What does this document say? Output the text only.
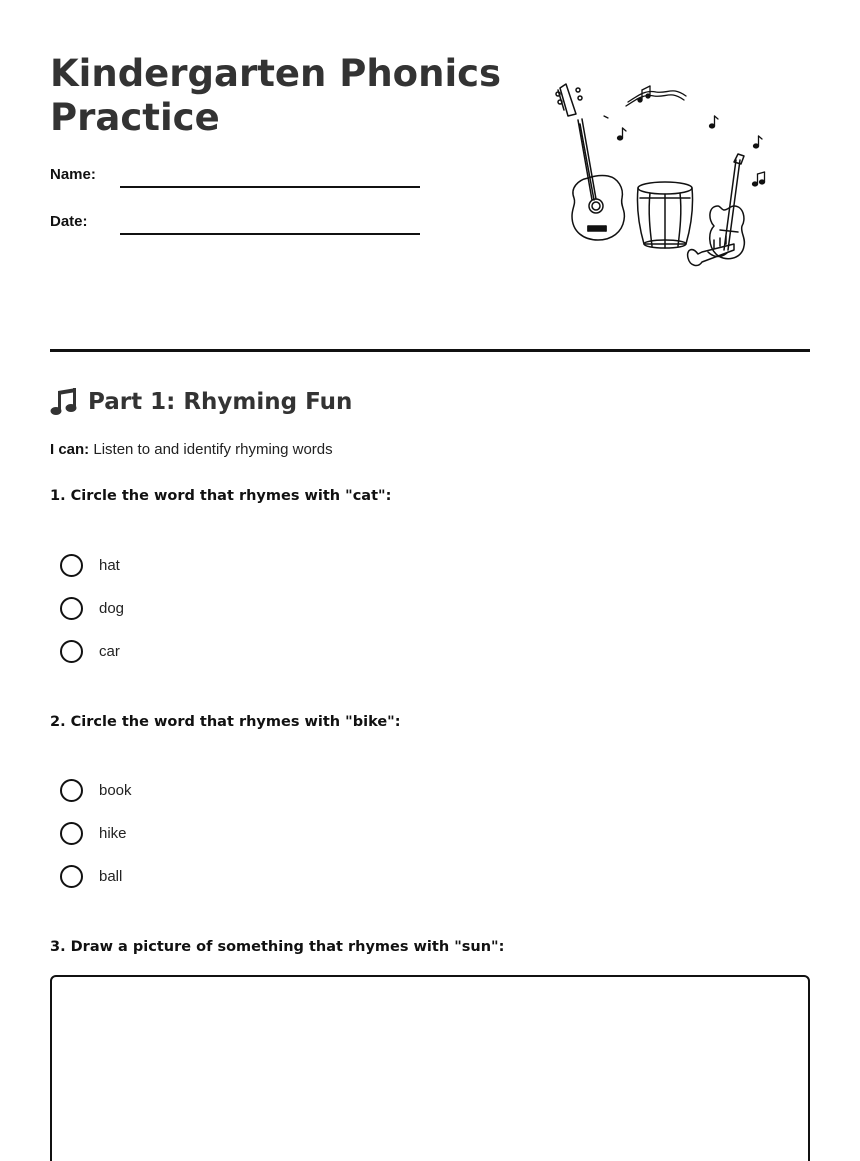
Kindergarten Phonics Practice
Name:
Date:
Part 1: Rhyming Fun
I can: Listen to and identify rhyming words
1. Circle the word that rhymes with "cat":
hat
dog
car
2. Circle the word that rhymes with "bike":
book
hike
ball
3. Draw a picture of something that rhymes with "sun":
